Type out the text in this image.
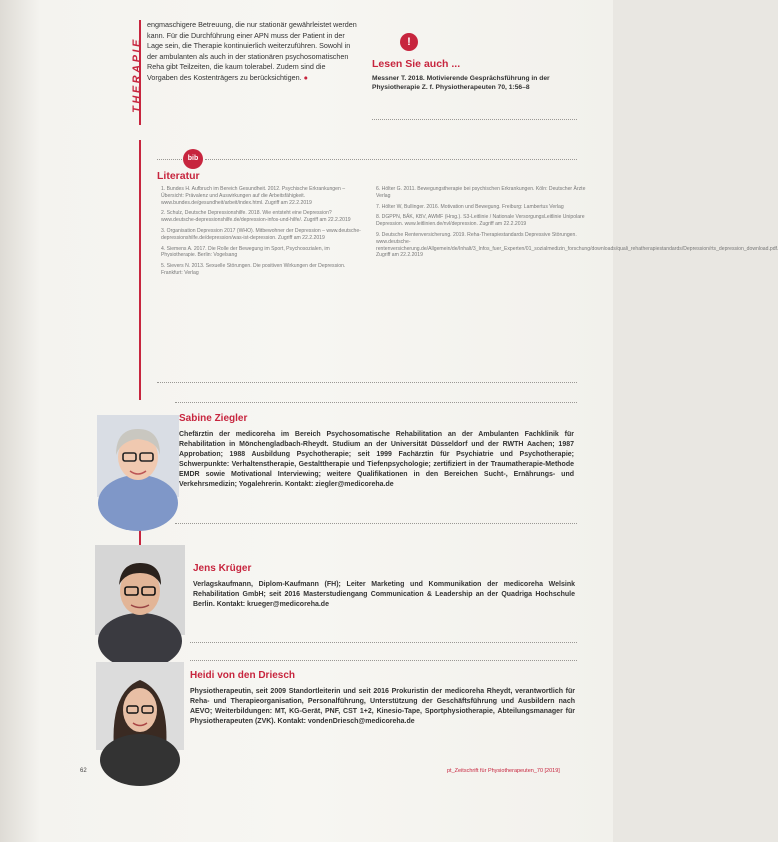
THERAPIE

engmaschigere Betreuung, die nur stationär gewährleistet werden kann. Für die Durchführung einer APN muss der Patient in der Lage sein, die Therapie kontinuierlich weiterzuführen. Sowohl in der ambulanten als auch in der stationären psychosomatischen Reha gibt Teilzeiten, die kaum tolerabel. Zudem sind die Vorgaben des Kostenträgers zu berücksichtigen. ●

!
Lesen Sie auch ...
Messner T. 2018. Motivierende Gesprächsführung in der Physiotherapie Z. f. Physiotherapeuten 70, 1:56–8
bib
Literatur
1. Bundes H. Aufbruch im Bereich Gesundheit. 2012. Psychische Erkrankungen – Übersicht: Prävalenz und Auswirkungen auf die Arbeitsfähigkeit. www.bundes.de/gesundheit/arbeit/index.html. Zugriff am 22.2.2019
2. Schulz, Deutsche Depressionshilfe. 2018. Wie entsteht eine Depression? www.deutsche-depressionshilfe.de/depression-infos-und-hilfe/. Zugriff am 22.2.2019
3. Organisation Depression 2017 (WHO). Mitbewohner der Depression – www.deutsche-depressionshilfe.de/depression/was-ist-depression. Zugriff am 22.2.2019
4. Siemens A. 2017. Die Rolle der Bewegung im Sport, Psychosozialen, im Physiotherapie. Berlin: Vogelsang
5. Sievers N. 2013. Sexuelle Störungen. Die positiven Wirkungen der Depression. Frankfurt: Verlag
6. Hölter G. 2011. Bewegungstherapie bei psychischen Erkrankungen. Köln: Deutscher Ärzte Verlag
7. Hölter W, Bullinger. 2016. Motivation und Bewegung. Freiburg: Lambertus Verlag
8. DGPPN, BÄK, KBV, AWMF (Hrsg.). S3-Leitlinie / Nationale VersorgungsLeitlinie Unipolare Depression. www.leitlinien.de/nvl/depression. Zugriff am 22.2.2019
9. Deutsche Rentenversicherung. 2019. Reha-Therapiestandards Depressive Störungen. www.deutsche-rentenversicherung.de/Allgemein/de/Inhalt/3_Infos_fuer_Experten/01_sozialmedizin_forschung/downloads/quali_rehatherapiestandards/Depression/rts_depression_download.pdf. Zugriff am 22.2.2019
Sabine Ziegler
Chefärztin der medicoreha im Bereich Psychosomatische Rehabilitation an der Ambulanten Fachklinik für Rehabilitation in Mönchengladbach-Rheydt. Studium an der Universität Düsseldorf und der RWTH Aachen; 1987 Approbation; 1988 Ausbildung Psychotherapie; seit 1999 Fachärztin für Psychiatrie und Psychotherapie; Schwerpunkte: Verhaltenstherapie, Gestalttherapie und Tiefenpsychologie; zertifiziert in der Traumatherapie-Methode EMDR sowie Motivational Interviewing; weitere Qualifikationen in den Bereichen Sucht-, Ernährungs- und Verkehrsmedizin; Yogalehrerin. Kontakt: ziegler@medicoreha.de
Jens Krüger
Verlagskaufmann, Diplom-Kaufmann (FH); Leiter Marketing und Kommunikation der medicoreha Welsink Rehabilitation GmbH; seit 2016 Masterstudiengang Communication & Leadership an der Quadriga Hochschule Berlin. Kontakt: krueger@medicoreha.de
Heidi von den Driesch
Physiotherapeutin, seit 2009 Standortleiterin und seit 2016 Prokuristin der medicoreha Rheydt, verantwortlich für Reha- und Therapieorganisation, Personalführung, Unterstützung der Geschäftsführung und Ausbildern nach AEVO; Weiterbildungen: MT, KG-Gerät, PNF, CST 1+2, Kinesio-Tape, Sportphysiotherapie, Abteilungsmanager für Physiotherapeuten (ZVK). Kontakt: vondenDriesch@medicoreha.de
62	pt_Zeitschrift für Physiotherapeuten_70 [2019]
